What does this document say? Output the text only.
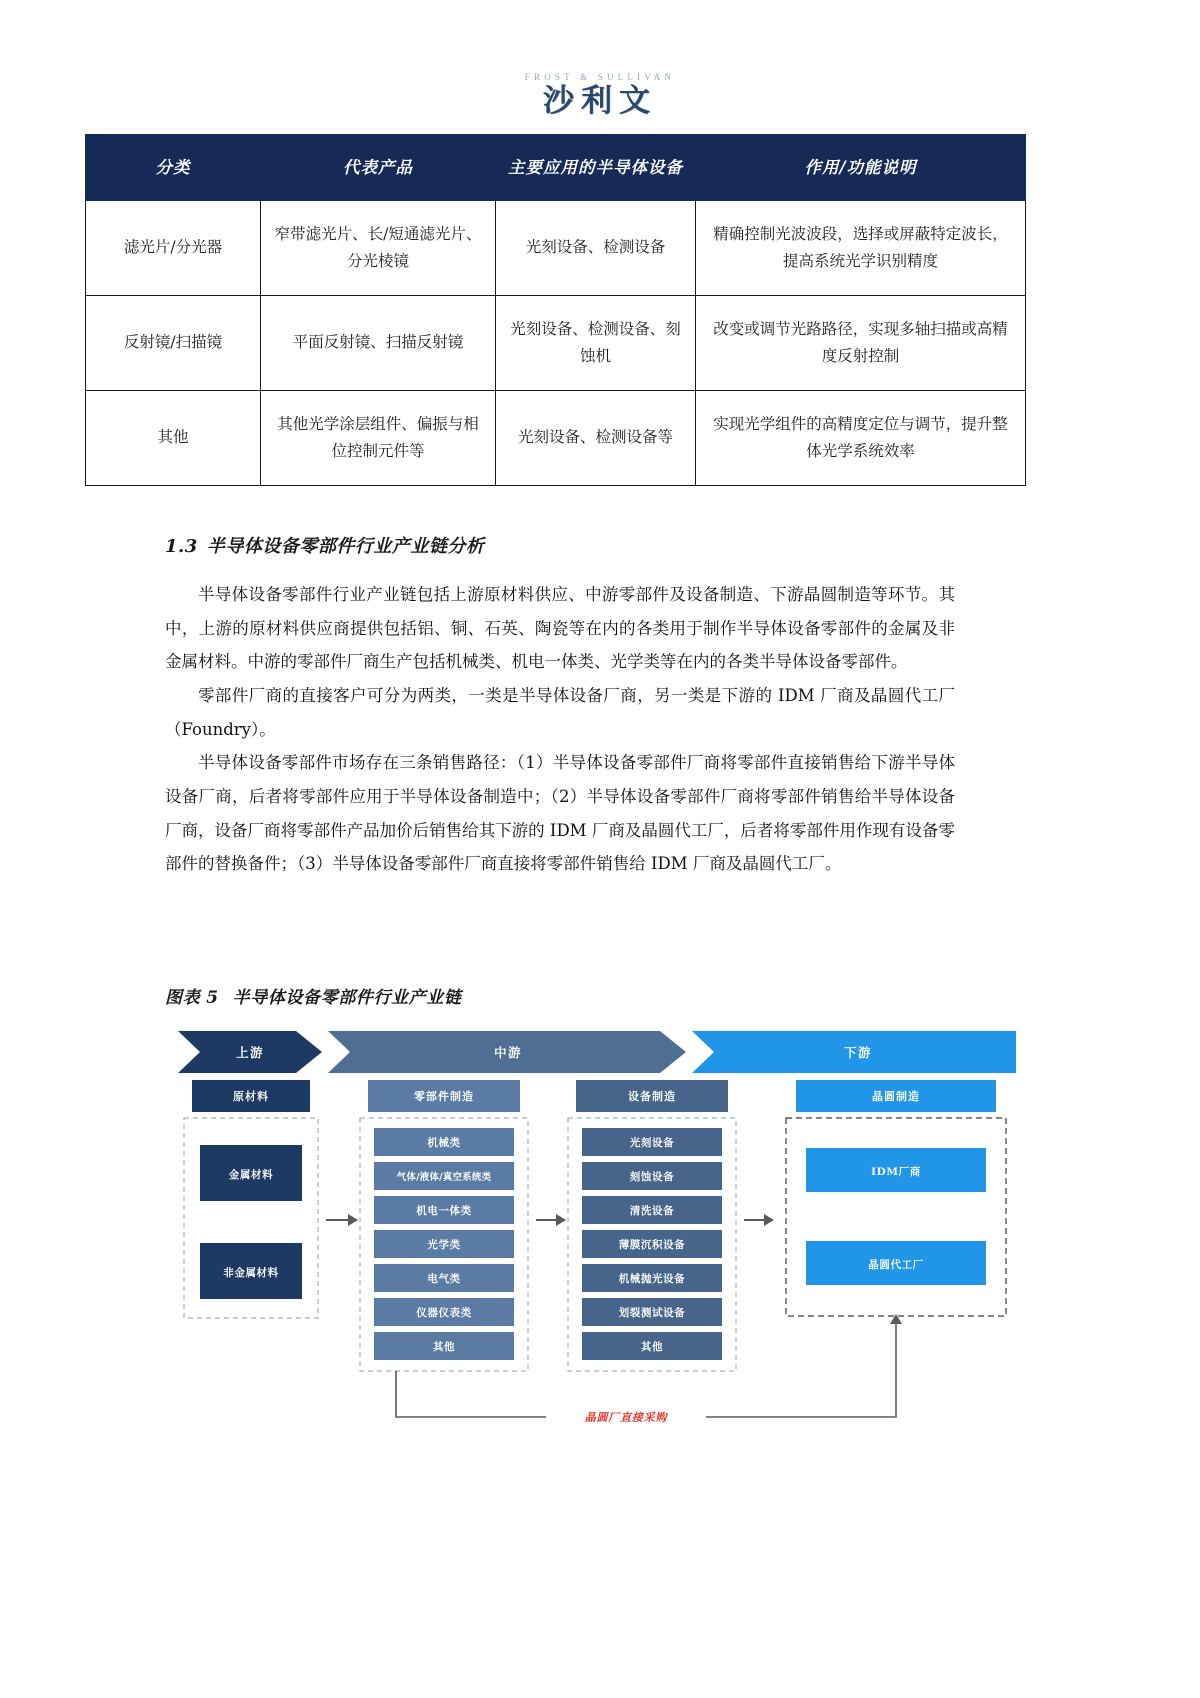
FROST & SULLIVAN
沙利文
分类	代表产品	主要应用的半导体设备	作用/功能说明
滤光片/分光器	窄带滤光片、长/短通滤光片、分光棱镜	光刻设备、检测设备	精确控制光波波段，选择或屏蔽特定波长，提高系统光学识别精度
反射镜/扫描镜	平面反射镜、扫描反射镜	光刻设备、检测设备、刻蚀机	改变或调节光路路径，实现多轴扫描或高精度反射控制
其他	其他光学涂层组件、偏振与相位控制元件等	光刻设备、检测设备等	实现光学组件的高精度定位与调节，提升整体光学系统效率
1.3 半导体设备零部件行业产业链分析

半导体设备零部件行业产业链包括上游原材料供应、中游零部件及设备制造、下游晶圆制造等环节。其中，上游的原材料供应商提供包括铝、铜、石英、陶瓷等在内的各类用于制作半导体设备零部件的金属及非金属材料。中游的零部件厂商生产包括机械类、机电一体类、光学类等在内的各类半导体设备零部件。

零部件厂商的直接客户可分为两类，一类是半导体设备厂商，另一类是下游的 IDM 厂商及晶圆代工厂（Foundry）。

半导体设备零部件市场存在三条销售路径：（1）半导体设备零部件厂商将零部件直接销售给下游半导体设备厂商，后者将零部件应用于半导体设备制造中；（2）半导体设备零部件厂商将零部件销售给半导体设备厂商，设备厂商将零部件产品加价后销售给其下游的 IDM 厂商及晶圆代工厂，后者将零部件用作现有设备零部件的替换备件；（3）半导体设备零部件厂商直接将零部件销售给 IDM 厂商及晶圆代工厂。

图表 5 半导体设备零部件行业产业链
上游	中游	下游
原材料
金属材料
非金属材料
零部件制造
机械类
气体/液体/真空系统类
机电一体类
光学类
电气类
仪器仪表类
其他
设备制造
光刻设备
刻蚀设备
清洗设备
薄膜沉积设备
机械抛光设备
划裂测试设备
其他
晶圆制造
IDM厂商
晶圆代工厂
晶圆厂直接采购
